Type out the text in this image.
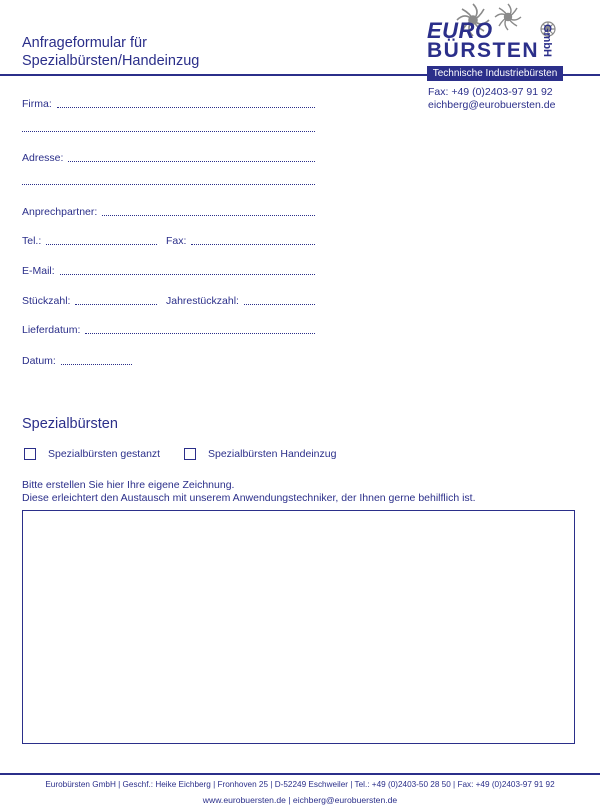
Anfrageformular für
Spezialbürsten/Handeinzug
EURO
BÜRSTEN GmbH
Technische Industriebürsten
Fax: +49 (0)2403-97 91 92
eichberg@eurobuersten.de
Firma:
Adresse:
Anprechpartner:
Tel.:	Fax:
E-Mail:
Stückzahl:	Jahrestückzahl:
Lieferdatum:
Datum:
Spezialbürsten
Spezialbürsten gestanzt	Spezialbürsten Handeinzug
Bitte erstellen Sie hier Ihre eigene Zeichnung.
Diese erleichtert den Austausch mit unserem Anwendungstechniker, der Ihnen gerne behilflich ist.
Eurobürsten GmbH | Geschf.: Heike Eichberg | Fronhoven 25 | D-52249 Eschweiler | Tel.: +49 (0)2403-50 28 50 | Fax: +49 (0)2403-97 91 92
www.eurobuersten.de | eichberg@eurobuersten.de
